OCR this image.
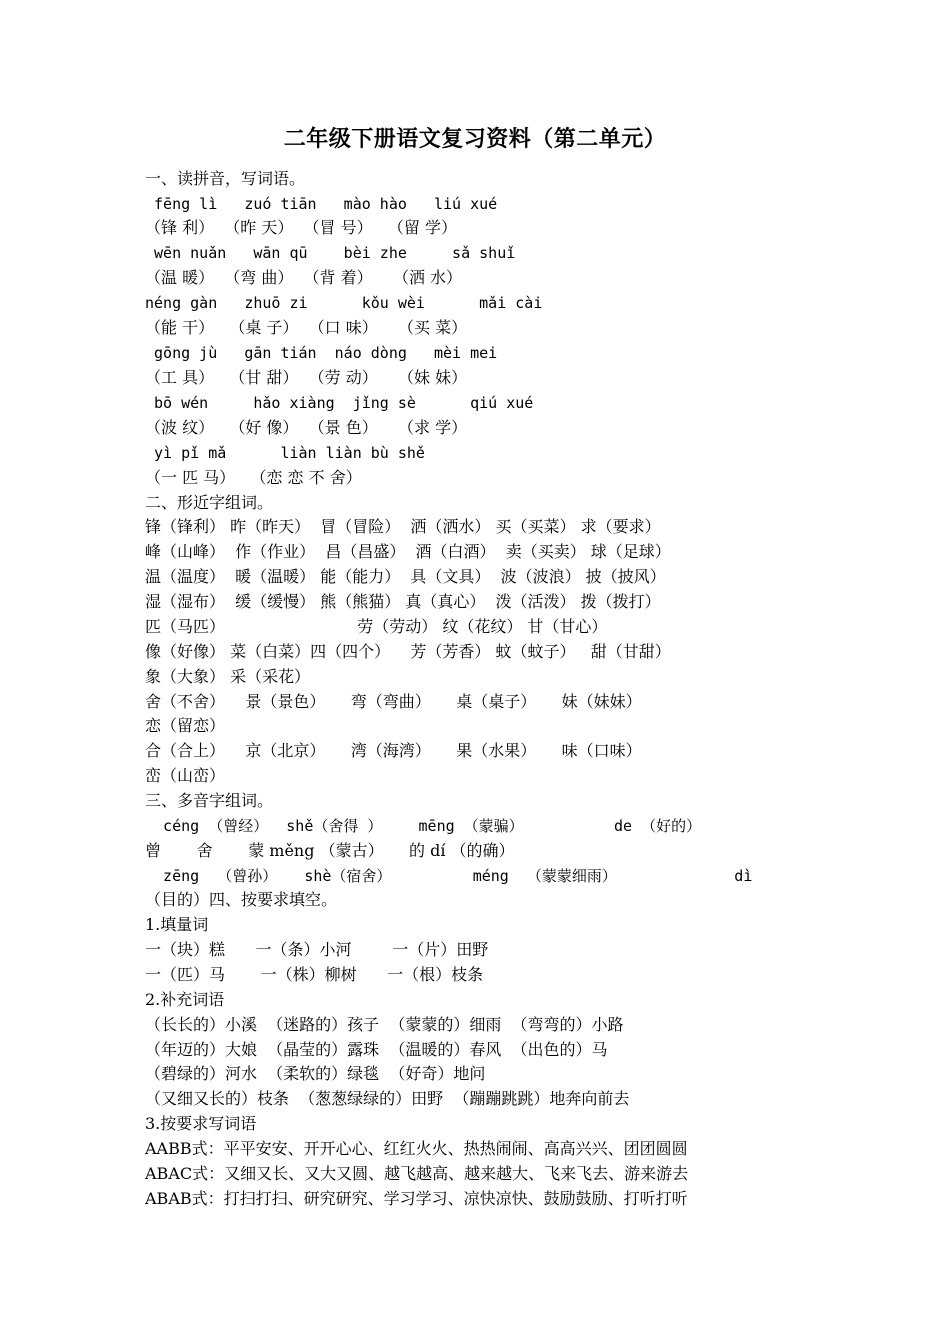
二年级下册语文复习资料（第二单元）
一、读拼音，写词语。
fēng lì   zuó tiān   mào hào   liú xué
（锋 利）  （昨 天）  （冒 号）   （留 学）
wēn nuǎn   wān qū    bèi zhe     sǎ shuǐ
（温 暖）  （弯 曲）  （背 着）    （洒 水）
néng gàn   zhuō zi      kǒu wèi      mǎi cài
（能 干）   （桌 子）  （口 味）    （买 菜）
gōng jù   gān tián  náo dòng   mèi mei
（工 具）   （甘 甜）  （劳 动）    （妹 妹）
bō wén     hǎo xiàng  jǐng sè      qiú xué
（波 纹）   （好 像）  （景 色）    （求 学）
yì pǐ mǎ      liàn liàn bù shě
（一 匹 马）   （恋 恋 不 舍）
二、形近字组词。
锋（锋利） 昨（昨天）  冒（冒险）  洒（洒水） 买（买菜） 求（要求）
峰（山峰）  作（作业）  昌（昌盛）  酒（白酒）  卖（买卖） 球（足球）
温（温度）  暖（温暖） 能（能力）  具（文具）  波（波浪） 披（披风）
湿（湿布）  缓（缓慢） 熊（熊猫） 真（真心）  泼（活泼） 拨（拨打）
匹（马匹）                          劳（劳动） 纹（花纹） 甘（甘心）
像（好像） 菜（白菜）四（四个）    芳（芳香） 蚊（蚊子）   甜（甘甜）
象（大象） 采（采花）
舍（不舍）    景（景色）     弯（弯曲）     桌（桌子）     妹（妹妹）
恋（留恋）
合（合上）    京（北京）     湾（海湾）     果（水果）     味（口味）
峦（山峦）
三、多音字组词。
céng （曾经）  shě（舍得 ）    mēng （蒙骗）          de （好的）
曾       舍       蒙 měng （蒙古）     的 dí （的确）
zēng  （曾孙）   shè（宿舍）         méng  （蒙蒙细雨）             dì
（目的）四、按要求填空。
1.填量词
一（块）糕      一（条）小河        一（片）田野
一（匹）马       一（株）柳树      一（根）枝条
2.补充词语
（长长的）小溪  （迷路的）孩子  （蒙蒙的）细雨  （弯弯的）小路
（年迈的）大娘  （晶莹的）露珠  （温暖的）春风  （出色的）马
（碧绿的）河水  （柔软的）绿毯  （好奇）地问
（又细又长的）枝条  （葱葱绿绿的）田野  （蹦蹦跳跳）地奔向前去
3.按要求写词语
AABB式：平平安安、开开心心、红红火火、热热闹闹、高高兴兴、团团圆圆
ABAC式：又细又长、又大又圆、越飞越高、越来越大、飞来飞去、游来游去
ABAB式：打扫打扫、研究研究、学习学习、凉快凉快、鼓励鼓励、打听打听
